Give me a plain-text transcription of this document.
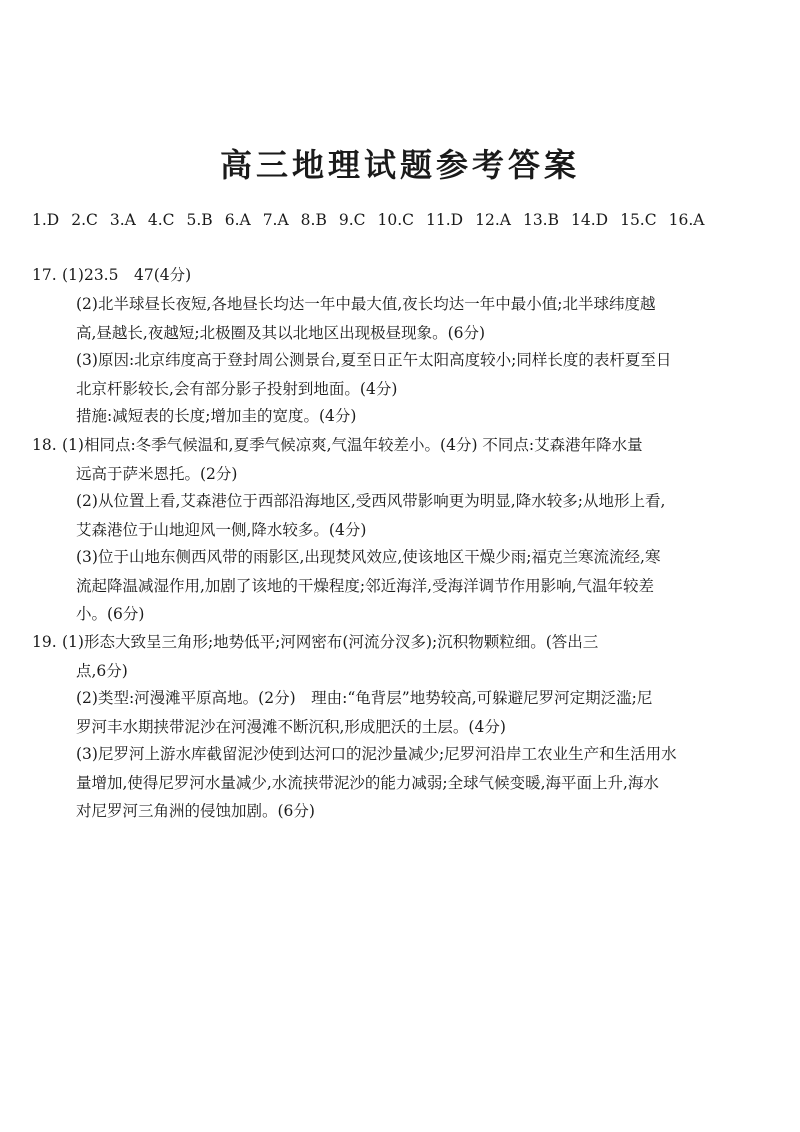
高三地理试题参考答案
1.D 2.C 3.A 4.C 5.B 6.A 7.A 8.B 9.C 10.C 11.D 12.A 13.B 14.D 15.C 16.A
17. (1)23.5　47(4分)
(2)北半球昼长夜短,各地昼长均达一年中最大值,夜长均达一年中最小值;北半球纬度越
高,昼越长,夜越短;北极圈及其以北地区出现极昼现象。(6分)
(3)原因:北京纬度高于登封周公测景台,夏至日正午太阳高度较小;同样长度的表杆夏至日
北京杆影较长,会有部分影子投射到地面。(4分)
措施:减短表的长度;增加圭的宽度。(4分)
18. (1)相同点:冬季气候温和,夏季气候凉爽,气温年较差小。(4分) 不同点:艾森港年降水量
远高于萨米恩托。(2分)
(2)从位置上看,艾森港位于西部沿海地区,受西风带影响更为明显,降水较多;从地形上看,
艾森港位于山地迎风一侧,降水较多。(4分)
(3)位于山地东侧西风带的雨影区,出现焚风效应,使该地区干燥少雨;福克兰寒流流经,寒
流起降温减湿作用,加剧了该地的干燥程度;邻近海洋,受海洋调节作用影响,气温年较差
小。(6分)
19. (1)形态大致呈三角形;地势低平;河网密布(河流分汊多);沉积物颗粒细。(答出三
点,6分)
(2)类型:河漫滩平原高地。(2分)　理由:“龟背层”地势较高,可躲避尼罗河定期泛滥;尼
罗河丰水期挟带泥沙在河漫滩不断沉积,形成肥沃的土层。(4分)
(3)尼罗河上游水库截留泥沙使到达河口的泥沙量减少;尼罗河沿岸工农业生产和生活用水
量增加,使得尼罗河水量减少,水流挟带泥沙的能力减弱;全球气候变暖,海平面上升,海水
对尼罗河三角洲的侵蚀加剧。(6分)
